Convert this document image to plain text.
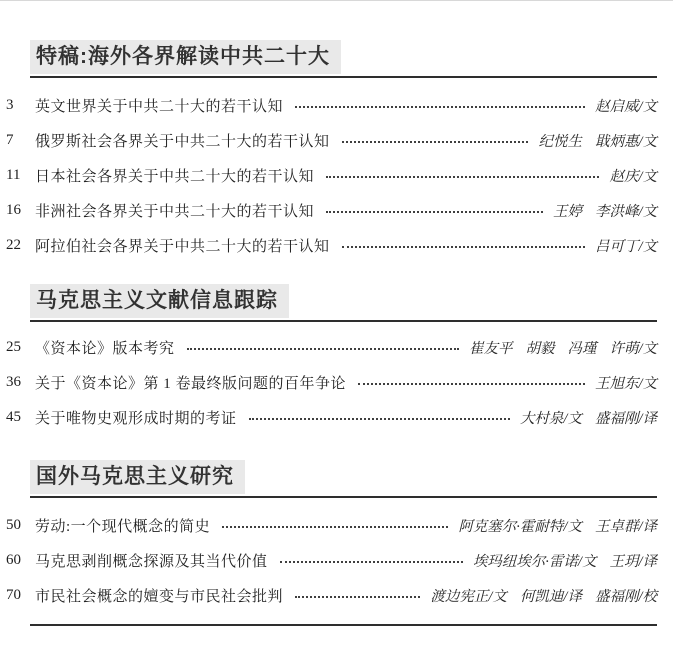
特稿:海外各界解读中共二十大
3	英文世界关于中共二十大的若干认知	赵启威/文
7	俄罗斯社会各界关于中共二十大的若干认知	纪悦生 戢炳惠/文
11 日本社会各界关于中共二十大的若干认知	赵庆/文
16 非洲社会各界关于中共二十大的若干认知	王婷 李洪峰/文
22 阿拉伯社会各界关于中共二十大的若干认知	吕可丁/文
马克思主义文献信息跟踪
25 《资本论》版本考究	崔友平 胡毅 冯瑾 许萌/文
36 关于《资本论》第 1 卷最终版问题的百年争论	王旭东/文
45 关于唯物史观形成时期的考证	大村泉/文 盛福刚/译
国外马克思主义研究
50 劳动:一个现代概念的简史	阿克塞尔·霍耐特/文 王卓群/译
60 马克思剥削概念探源及其当代价值	埃玛纽埃尔·雷诺/文 王玥/译
70 市民社会概念的嬗变与市民社会批判	渡边宪正/文 何凯迪/译 盛福刚/校
